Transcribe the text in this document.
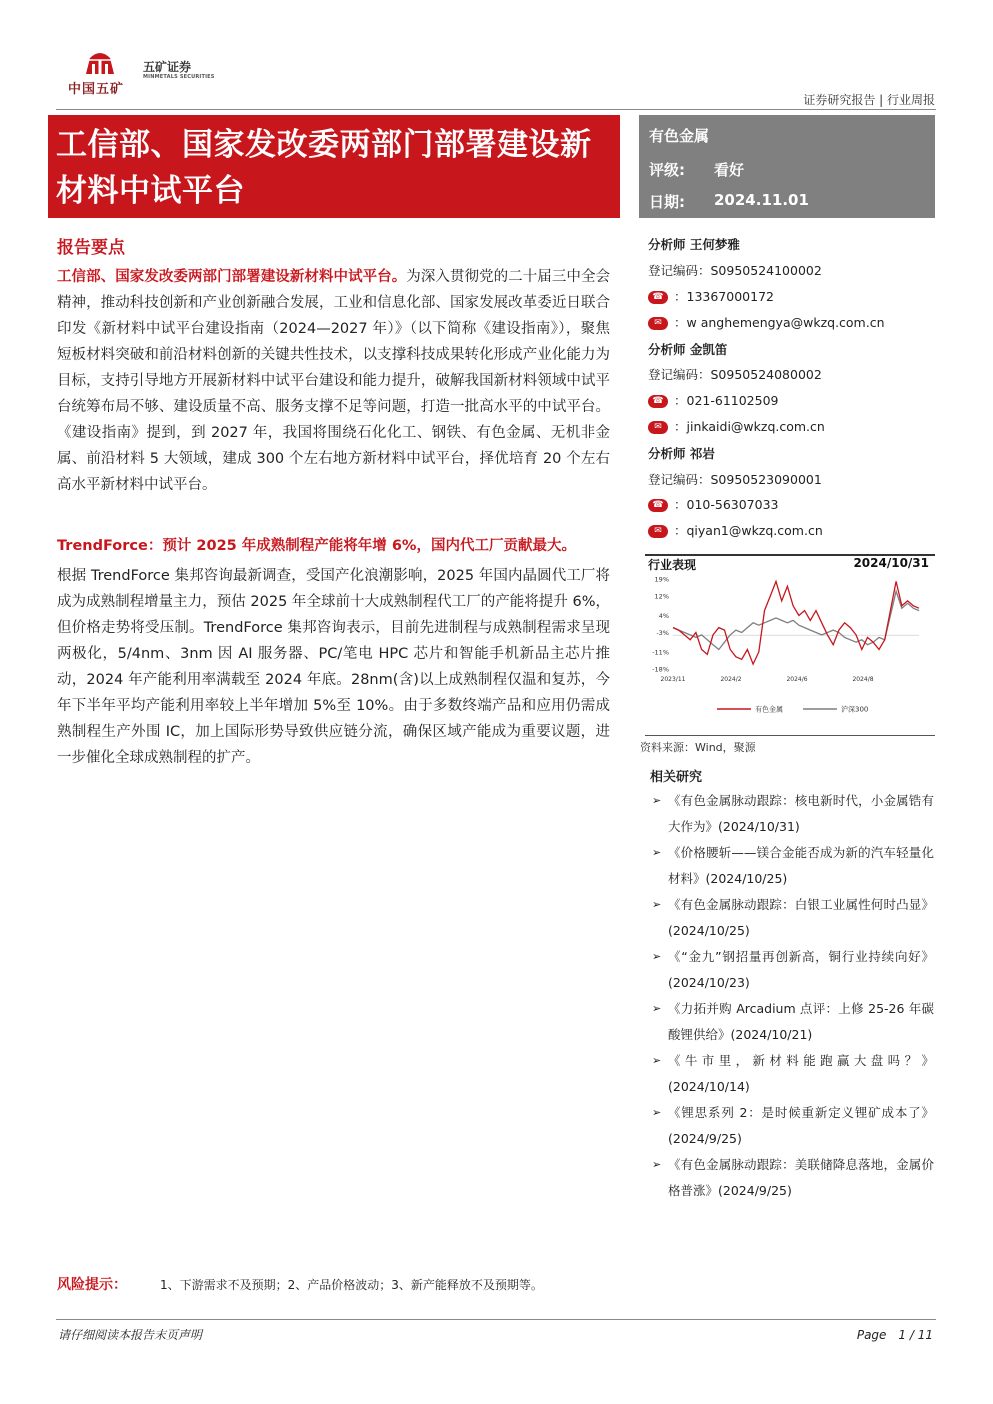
中国五矿
五矿证券
MINMETALS SECURITIES
证券研究报告 | 行业周报
工信部、国家发改委两部门部署建设新材料中试平台
有色金属
评级: 看好
日期: 2024.11.01
报告要点
工信部、国家发改委两部门部署建设新材料中试平台。为深入贯彻党的二十届三中全会精神，推动科技创新和产业创新融合发展，工业和信息化部、国家发展改革委近日联合印发《新材料中试平台建设指南（2024—2027 年）》（以下简称《建设指南》），聚焦短板材料突破和前沿材料创新的关键共性技术，以支撑科技成果转化形成产业化能力为目标，支持引导地方开展新材料中试平台建设和能力提升，破解我国新材料领域中试平台统筹布局不够、建设质量不高、服务支撑不足等问题，打造一批高水平的中试平台。《建设指南》提到，到 2027 年，我国将围绕石化化工、钢铁、有色金属、无机非金属、前沿材料 5 大领域，建成 300 个左右地方新材料中试平台，择优培育 20 个左右高水平新材料中试平台。
TrendForce：预计 2025 年成熟制程产能将年增 6%，国内代工厂贡献最大。
根据 TrendForce 集邦咨询最新调查，受国产化浪潮影响，2025 年国内晶圆代工厂将成为成熟制程增量主力，预估 2025 年全球前十大成熟制程代工厂的产能将提升 6%，但价格走势将受压制。TrendForce 集邦咨询表示，目前先进制程与成熟制程需求呈现两极化，5/4nm、3nm 因 AI 服务器、PC/笔电 HPC 芯片和智能手机新品主芯片推动，2024 年产能利用率满载至 2024 年底。28nm(含)以上成熟制程仅温和复苏，今年下半年平均产能利用率较上半年增加 5%至 10%。由于多数终端产品和应用仍需成熟制程生产外围 IC，加上国际形势导致供应链分流，确保区域产能成为重要议题，进一步催化全球成熟制程的扩产。
风险提示：	1、下游需求不及预期；2、产品价格波动；3、新产能释放不及预期等。
分析师 王何梦雅
登记编码：S0950524100002
☎ ：13367000172
✉ ：w anghemengya@wkzq.com.cn
分析师 金凯笛
登记编码：S0950524080002
☎ ：021-61102509
✉ ：jinkaidi@wkzq.com.cn
分析师 祁岩
登记编码：S0950523090001
☎ ：010-56307033
✉ ：qiyan1@wkzq.com.cn
行业表现	2024/10/31
19%
12%
4%
-3%
-11%
-18%
2023/11	2024/2	2024/6	2024/8
有色金属	沪深300
资料来源：Wind，聚源
相关研究
➢ 《有色金属脉动跟踪：核电新时代，小金属锆有大作为》(2024/10/31)
➢ 《价格腰斩——镁合金能否成为新的汽车轻量化材料》(2024/10/25)
➢ 《有色金属脉动跟踪：白银工业属性何时凸显》(2024/10/25)
➢ 《“金九”钢招量再创新高，铜行业持续向好》(2024/10/23)
➢ 《力拓并购 Arcadium 点评：上修 25-26 年碳酸锂供给》(2024/10/21)
➢ 《牛市里，新材料能跑赢大盘吗？》(2024/10/14)
➢ 《锂思系列 2：是时候重新定义锂矿成本了》(2024/9/25)
➢ 《有色金属脉动跟踪：美联储降息落地，金属价格普涨》(2024/9/25)
请仔细阅读本报告末页声明	Page　1 / 11
